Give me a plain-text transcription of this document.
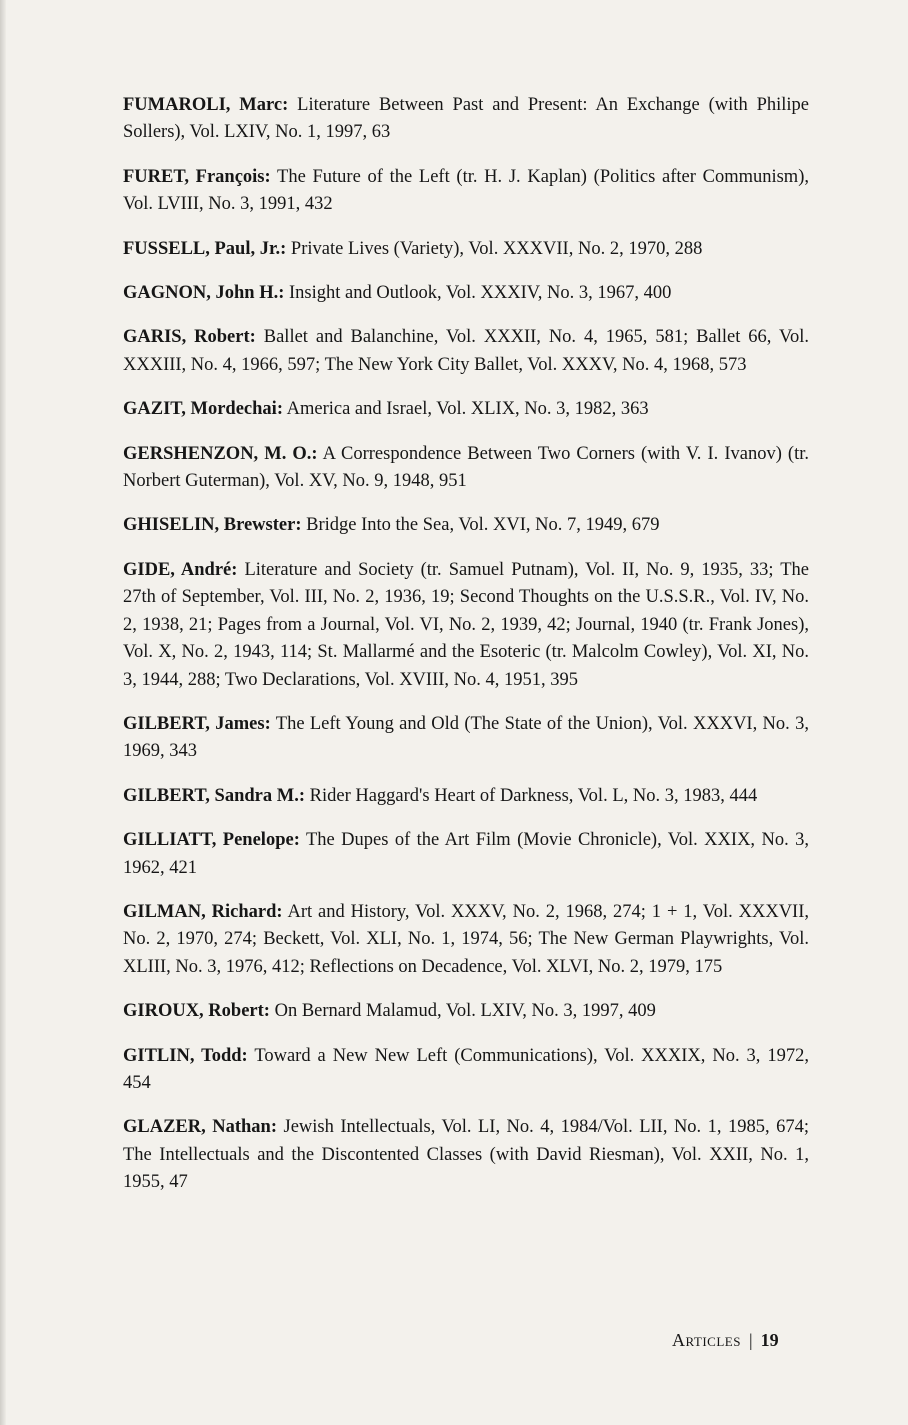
FUMAROLI, Marc: Literature Between Past and Present: An Exchange (with Philipe Sollers), Vol. LXIV, No. 1, 1997, 63

FURET, François: The Future of the Left (tr. H. J. Kaplan) (Politics after Communism), Vol. LVIII, No. 3, 1991, 432

FUSSELL, Paul, Jr.: Private Lives (Variety), Vol. XXXVII, No. 2, 1970, 288

GAGNON, John H.: Insight and Outlook, Vol. XXXIV, No. 3, 1967, 400

GARIS, Robert: Ballet and Balanchine, Vol. XXXII, No. 4, 1965, 581; Ballet 66, Vol. XXXIII, No. 4, 1966, 597; The New York City Ballet, Vol. XXXV, No. 4, 1968, 573

GAZIT, Mordechai: America and Israel, Vol. XLIX, No. 3, 1982, 363

GERSHENZON, M. O.: A Correspondence Between Two Corners (with V. I. Ivanov) (tr. Norbert Guterman), Vol. XV, No. 9, 1948, 951

GHISELIN, Brewster: Bridge Into the Sea, Vol. XVI, No. 7, 1949, 679

GIDE, André: Literature and Society (tr. Samuel Putnam), Vol. II, No. 9, 1935, 33; The 27th of September, Vol. III, No. 2, 1936, 19; Second Thoughts on the U.S.S.R., Vol. IV, No. 2, 1938, 21; Pages from a Journal, Vol. VI, No. 2, 1939, 42; Journal, 1940 (tr. Frank Jones), Vol. X, No. 2, 1943, 114; St. Mallarmé and the Esoteric (tr. Malcolm Cowley), Vol. XI, No. 3, 1944, 288; Two Declarations, Vol. XVIII, No. 4, 1951, 395

GILBERT, James: The Left Young and Old (The State of the Union), Vol. XXXVI, No. 3, 1969, 343

GILBERT, Sandra M.: Rider Haggard's Heart of Darkness, Vol. L, No. 3, 1983, 444

GILLIATT, Penelope: The Dupes of the Art Film (Movie Chronicle), Vol. XXIX, No. 3, 1962, 421

GILMAN, Richard: Art and History, Vol. XXXV, No. 2, 1968, 274; 1 + 1, Vol. XXXVII, No. 2, 1970, 274; Beckett, Vol. XLI, No. 1, 1974, 56; The New German Playwrights, Vol. XLIII, No. 3, 1976, 412; Reflections on Decadence, Vol. XLVI, No. 2, 1979, 175

GIROUX, Robert: On Bernard Malamud, Vol. LXIV, No. 3, 1997, 409

GITLIN, Todd: Toward a New New Left (Communications), Vol. XXXIX, No. 3, 1972, 454

GLAZER, Nathan: Jewish Intellectuals, Vol. LI, No. 4, 1984/Vol. LII, No. 1, 1985, 674; The Intellectuals and the Discontented Classes (with David Riesman), Vol. XXII, No. 1, 1955, 47

Articles | 19
